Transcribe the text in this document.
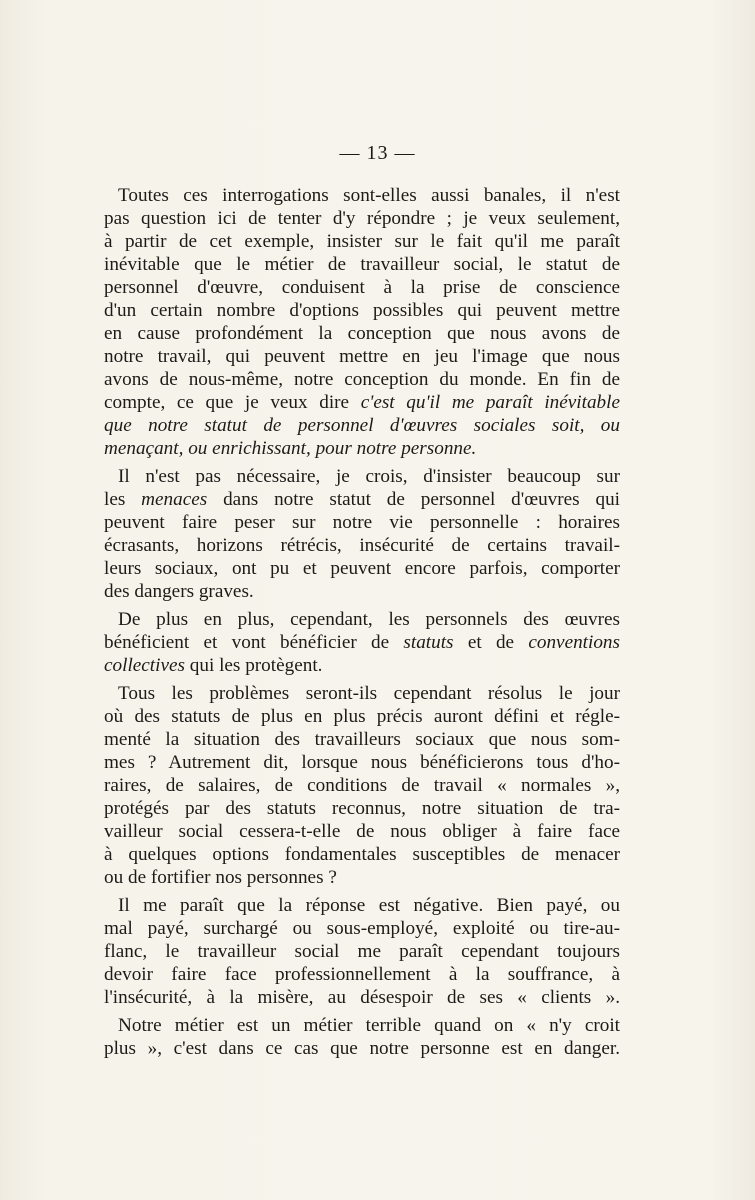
— 13 —
Toutes ces interrogations sont-elles aussi banales, il n'est
pas question ici de tenter d'y répondre ; je veux seulement,
à partir de cet exemple, insister sur le fait qu'il me paraît
inévitable que le métier de travailleur social, le statut de
personnel d'œuvre, conduisent à la prise de conscience
d'un certain nombre d'options possibles qui peuvent mettre
en cause profondément la conception que nous avons de
notre travail, qui peuvent mettre en jeu l'image que nous
avons de nous-même, notre conception du monde. En fin de
compte, ce que je veux dire c'est qu'il me paraît inévitable
que notre statut de personnel d'œuvres sociales soit, ou
menaçant, ou enrichissant, pour notre personne.
Il n'est pas nécessaire, je crois, d'insister beaucoup sur
les menaces dans notre statut de personnel d'œuvres qui
peuvent faire peser sur notre vie personnelle : horaires
écrasants, horizons rétrécis, insécurité de certains travail-
leurs sociaux, ont pu et peuvent encore parfois, comporter
des dangers graves.
De plus en plus, cependant, les personnels des œuvres
bénéficient et vont bénéficier de statuts et de conventions
collectives qui les protègent.
Tous les problèmes seront-ils cependant résolus le jour
où des statuts de plus en plus précis auront défini et régle-
menté la situation des travailleurs sociaux que nous som-
mes ? Autrement dit, lorsque nous bénéficierons tous d'ho-
raires, de salaires, de conditions de travail « normales »,
protégés par des statuts reconnus, notre situation de tra-
vailleur social cessera-t-elle de nous obliger à faire face
à quelques options fondamentales susceptibles de menacer
ou de fortifier nos personnes ?
Il me paraît que la réponse est négative. Bien payé, ou
mal payé, surchargé ou sous-employé, exploité ou tire-au-
flanc, le travailleur social me paraît cependant toujours
devoir faire face professionnellement à la souffrance, à
l'insécurité, à la misère, au désespoir de ses « clients ».
Notre métier est un métier terrible quand on « n'y croit
plus », c'est dans ce cas que notre personne est en danger.
